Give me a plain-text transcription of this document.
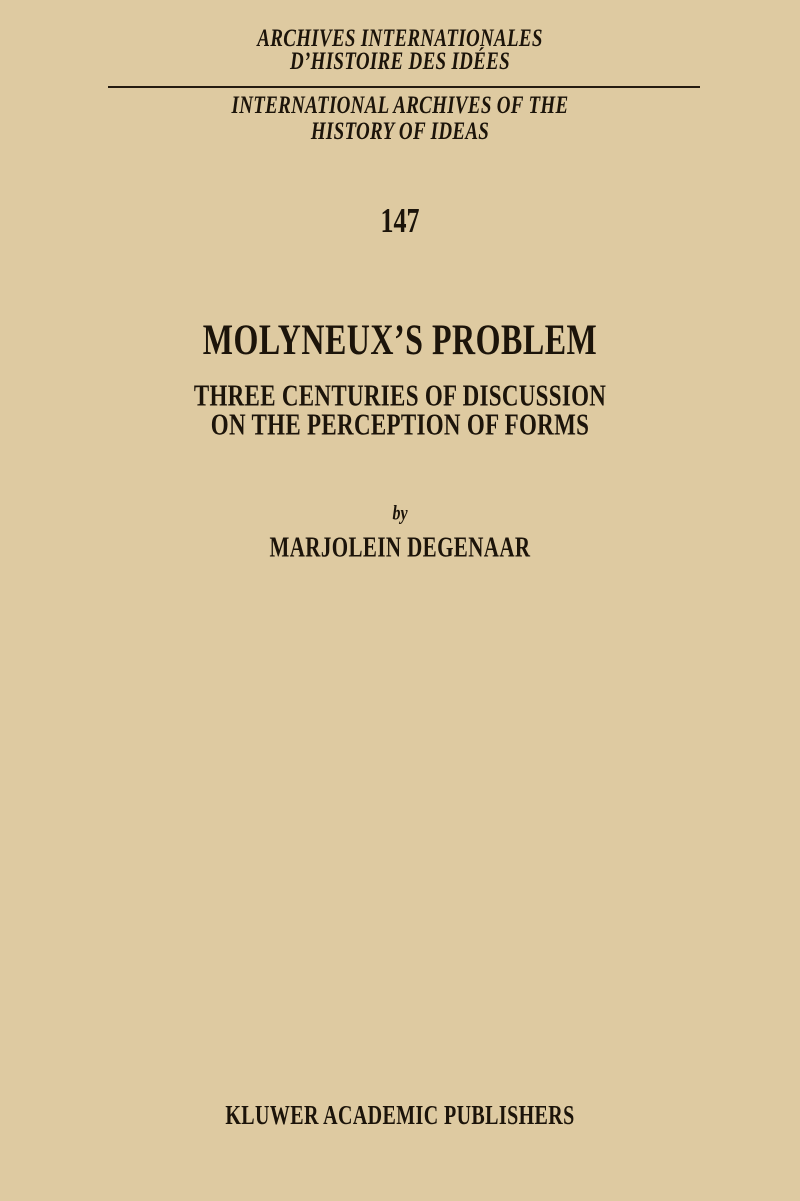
ARCHIVES INTERNATIONALES
D’HISTOIRE DES IDÉES
INTERNATIONAL ARCHIVES OF THE
HISTORY OF IDEAS
147
MOLYNEUX’S PROBLEM
THREE CENTURIES OF DISCUSSION
ON THE PERCEPTION OF FORMS
by
MARJOLEIN DEGENAAR
KLUWER ACADEMIC PUBLISHERS
